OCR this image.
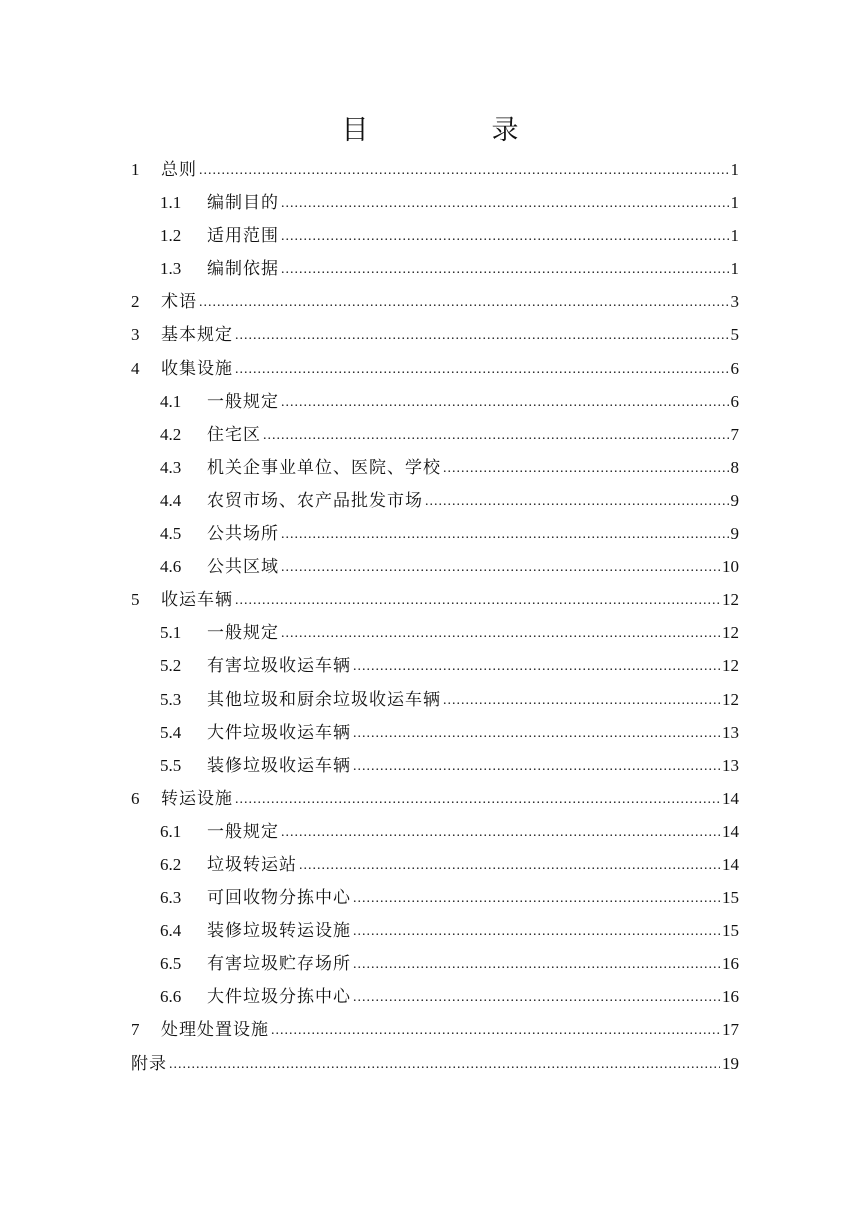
目　录
1	总则 .....	1
1.1	编制目的 .....	1
1.2	适用范围 .....	1
1.3	编制依据 .....	1
2	术语 .....	3
3	基本规定 .....	5
4	收集设施 .....	6
4.1	一般规定 .....	6
4.2	住宅区 .....	7
4.3	机关企事业单位、医院、学校 .....	8
4.4	农贸市场、农产品批发市场 .....	9
4.5	公共场所 .....	9
4.6	公共区域 .....	10
5	收运车辆 .....	12
5.1	一般规定 .....	12
5.2	有害垃圾收运车辆 .....	12
5.3	其他垃圾和厨余垃圾收运车辆 .....	12
5.4	大件垃圾收运车辆 .....	13
5.5	装修垃圾收运车辆 .....	13
6	转运设施 .....	14
6.1	一般规定 .....	14
6.2	垃圾转运站 .....	14
6.3	可回收物分拣中心 .....	15
6.4	装修垃圾转运设施 .....	15
6.5	有害垃圾贮存场所 .....	16
6.6	大件垃圾分拣中心 .....	16
7	处理处置设施 .....	17
附录 .....	19
